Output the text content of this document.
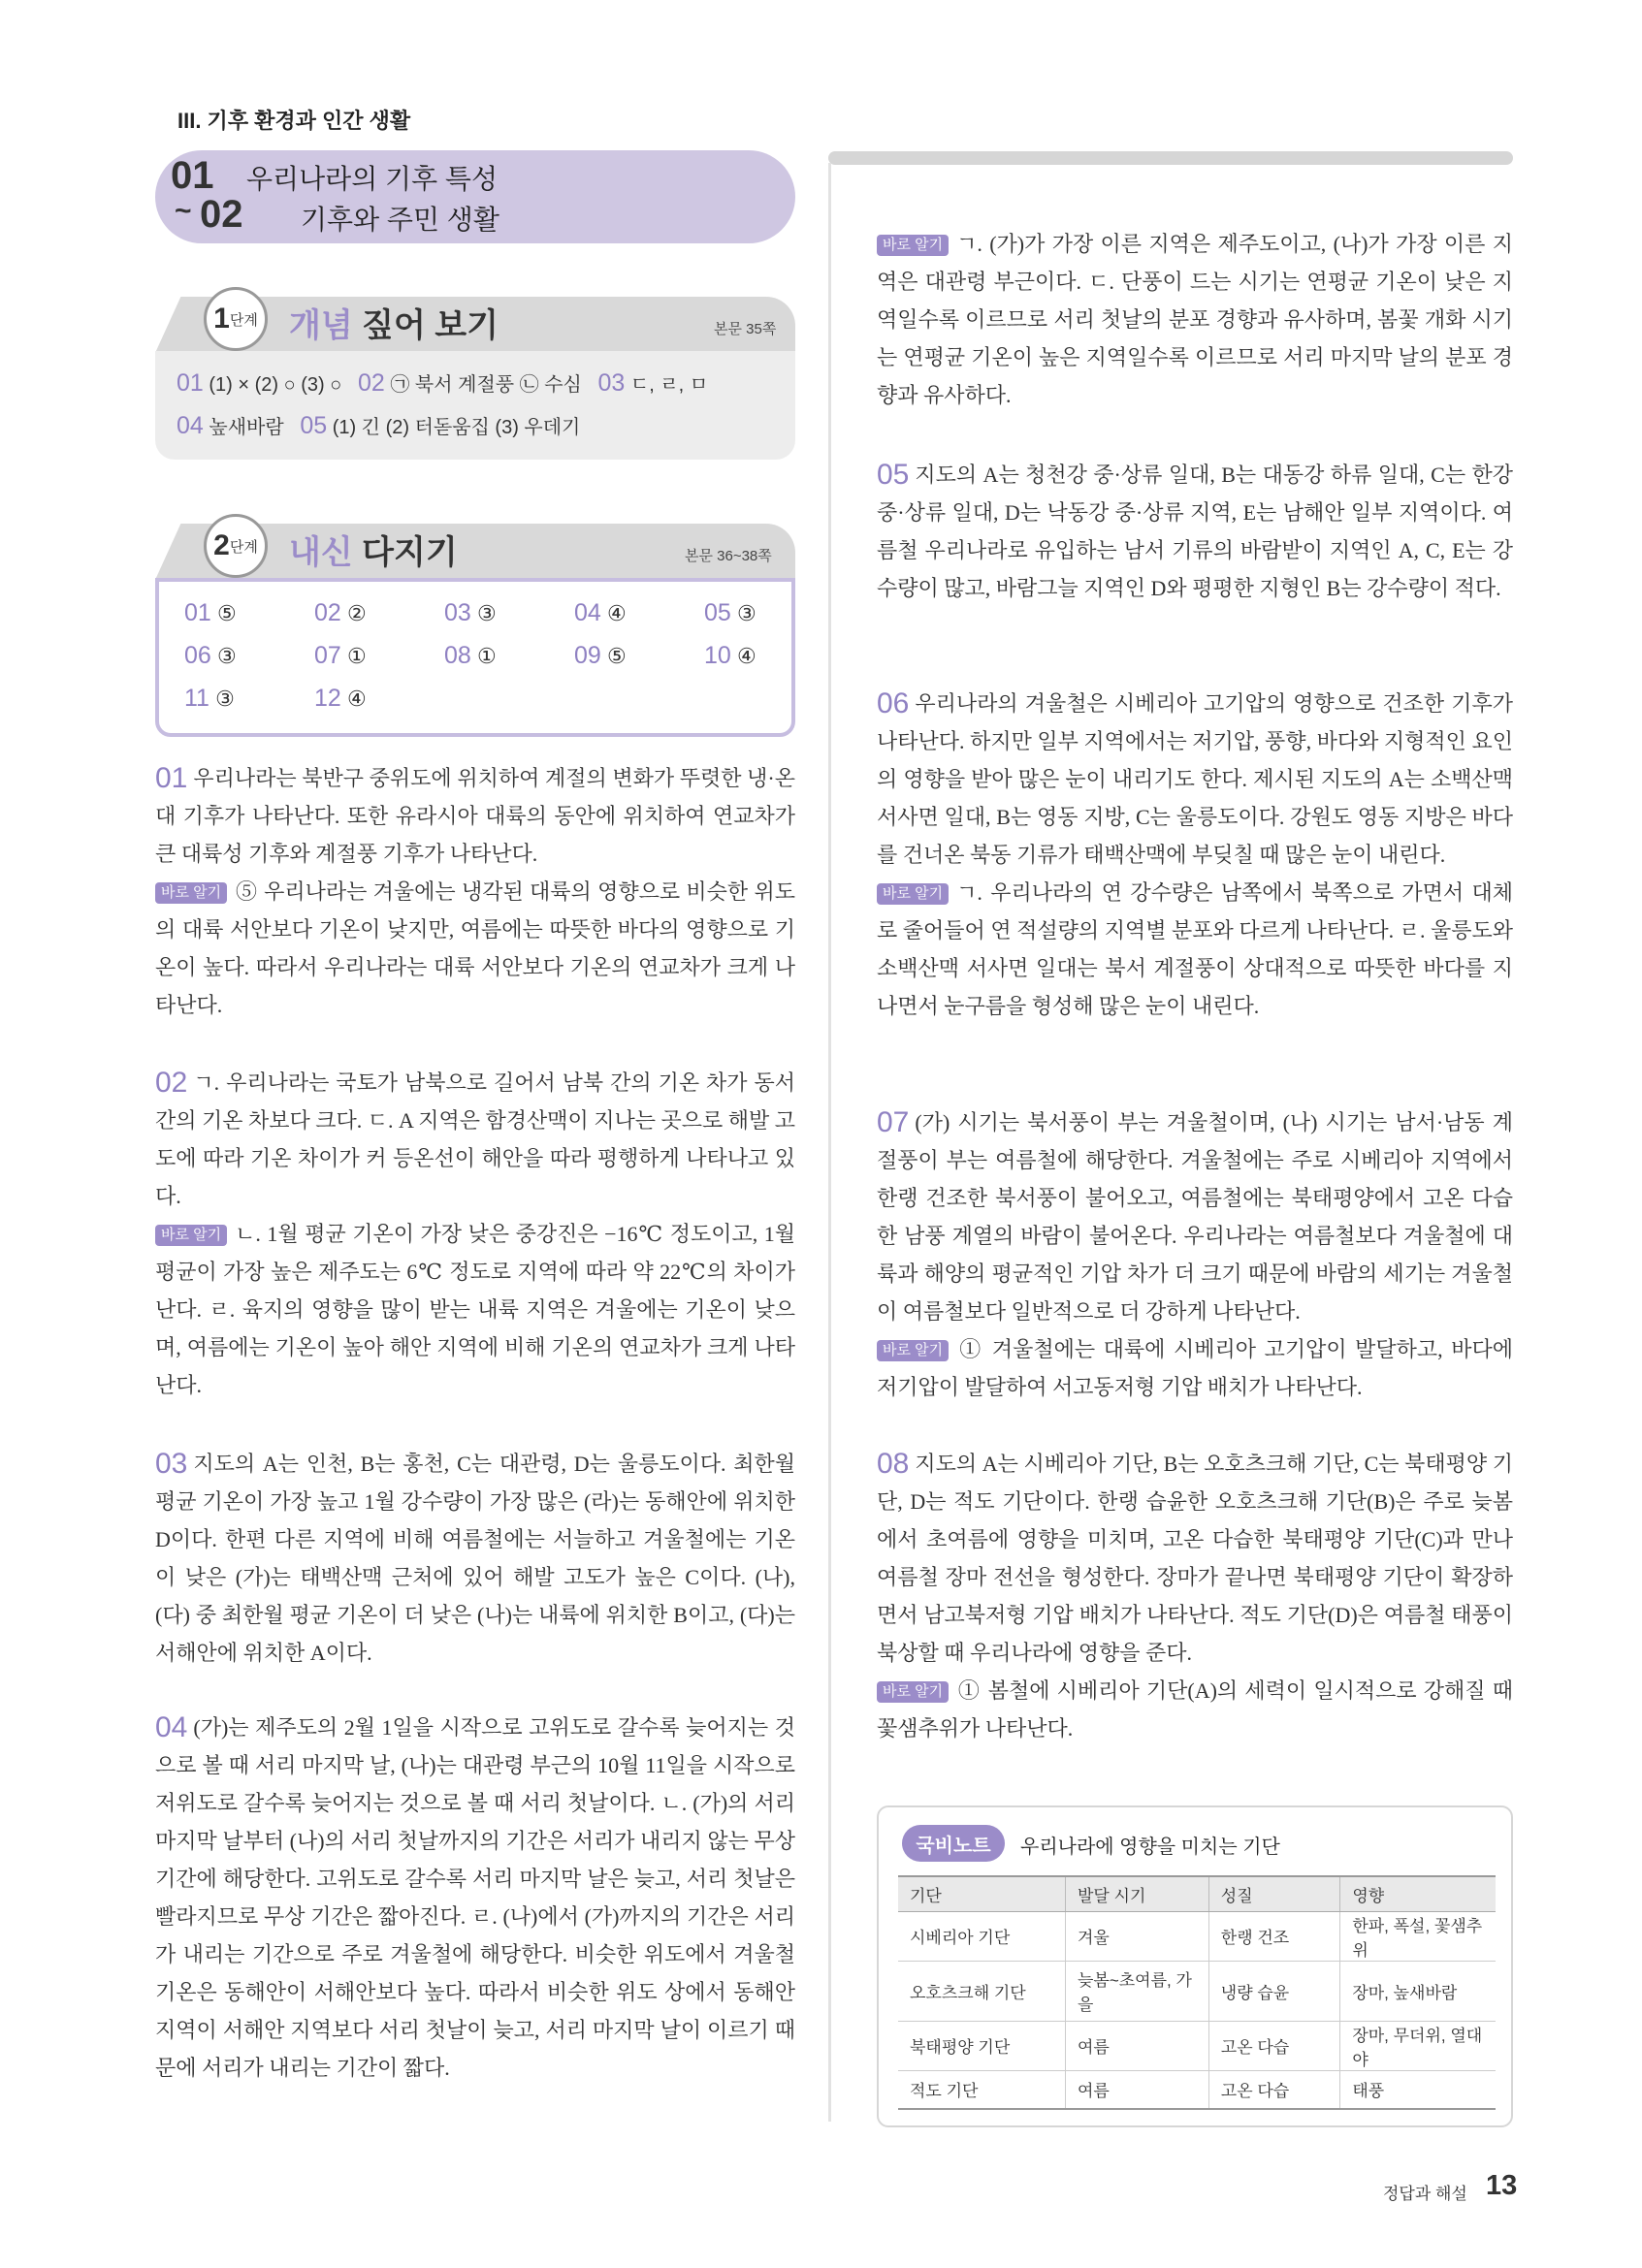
III. 기후 환경과 인간 생활
01 우리나라의 기후 특성
~ 02 기후와 주민 생활
1 단계 개념 짚어 보기	본문 35쪽
01 (1) × (2) ○ (3) ○ 02 ㉠ 북서 계절풍 ㉡ 수심 03 ㄷ, ㄹ, ㅁ
04 높새바람 05 (1) 긴 (2) 터돋움집 (3) 우데기
2 단계 내신 다지기	본문 36~38쪽
01 ⑤	02 ②	03 ③	04 ④	05 ③
06 ③	07 ①	08 ①	09 ⑤	10 ④
11 ③	12 ④
01 우리나라는 북반구 중위도에 위치하여 계절의 변화가 뚜렷한 냉·온대 기후가 나타난다. 또한 유라시아 대륙의 동안에 위치하여 연교차가 큰 대륙성 기후와 계절풍 기후가 나타난다.
바로 알기 ⑤ 우리나라는 겨울에는 냉각된 대륙의 영향으로 비슷한 위도의 대륙 서안보다 기온이 낮지만, 여름에는 따뜻한 바다의 영향으로 기온이 높다. 따라서 우리나라는 대륙 서안보다 기온의 연교차가 크게 나타난다.
02 ㄱ. 우리나라는 국토가 남북으로 길어서 남북 간의 기온 차가 동서 간의 기온 차보다 크다. ㄷ. A 지역은 함경산맥이 지나는 곳으로 해발 고도에 따라 기온 차이가 커 등온선이 해안을 따라 평행하게 나타나고 있다.
바로 알기 ㄴ. 1월 평균 기온이 가장 낮은 중강진은 −16℃ 정도이고, 1월 평균이 가장 높은 제주도는 6℃ 정도로 지역에 따라 약 22℃의 차이가 난다. ㄹ. 육지의 영향을 많이 받는 내륙 지역은 겨울에는 기온이 낮으며, 여름에는 기온이 높아 해안 지역에 비해 기온의 연교차가 크게 나타난다.
03 지도의 A는 인천, B는 홍천, C는 대관령, D는 울릉도이다. 최한월 평균 기온이 가장 높고 1월 강수량이 가장 많은 (라)는 동해안에 위치한 D이다. 한편 다른 지역에 비해 여름철에는 서늘하고 겨울철에는 기온이 낮은 (가)는 태백산맥 근처에 있어 해발 고도가 높은 C이다. (나), (다) 중 최한월 평균 기온이 더 낮은 (나)는 내륙에 위치한 B이고, (다)는 서해안에 위치한 A이다.
04 (가)는 제주도의 2월 1일을 시작으로 고위도로 갈수록 늦어지는 것으로 볼 때 서리 마지막 날, (나)는 대관령 부근의 10월 11일을 시작으로 저위도로 갈수록 늦어지는 것으로 볼 때 서리 첫날이다. ㄴ. (가)의 서리 마지막 날부터 (나)의 서리 첫날까지의 기간은 서리가 내리지 않는 무상 기간에 해당한다. 고위도로 갈수록 서리 마지막 날은 늦고, 서리 첫날은 빨라지므로 무상 기간은 짧아진다. ㄹ. (나)에서 (가)까지의 기간은 서리가 내리는 기간으로 주로 겨울철에 해당한다. 비슷한 위도에서 겨울철 기온은 동해안이 서해안보다 높다. 따라서 비슷한 위도 상에서 동해안 지역이 서해안 지역보다 서리 첫날이 늦고, 서리 마지막 날이 이르기 때문에 서리가 내리는 기간이 짧다.
바로 알기 ㄱ. (가)가 가장 이른 지역은 제주도이고, (나)가 가장 이른 지역은 대관령 부근이다. ㄷ. 단풍이 드는 시기는 연평균 기온이 낮은 지역일수록 이르므로 서리 첫날의 분포 경향과 유사하며, 봄꽃 개화 시기는 연평균 기온이 높은 지역일수록 이르므로 서리 마지막 날의 분포 경향과 유사하다.
05 지도의 A는 청천강 중·상류 일대, B는 대동강 하류 일대, C는 한강 중·상류 일대, D는 낙동강 중·상류 지역, E는 남해안 일부 지역이다. 여름철 우리나라로 유입하는 남서 기류의 바람받이 지역인 A, C, E는 강수량이 많고, 바람그늘 지역인 D와 평평한 지형인 B는 강수량이 적다.
06 우리나라의 겨울철은 시베리아 고기압의 영향으로 건조한 기후가 나타난다. 하지만 일부 지역에서는 저기압, 풍향, 바다와 지형적인 요인의 영향을 받아 많은 눈이 내리기도 한다. 제시된 지도의 A는 소백산맥 서사면 일대, B는 영동 지방, C는 울릉도이다. 강원도 영동 지방은 바다를 건너온 북동 기류가 태백산맥에 부딪칠 때 많은 눈이 내린다.
바로 알기 ㄱ. 우리나라의 연 강수량은 남쪽에서 북쪽으로 가면서 대체로 줄어들어 연 적설량의 지역별 분포와 다르게 나타난다. ㄹ. 울릉도와 소백산맥 서사면 일대는 북서 계절풍이 상대적으로 따뜻한 바다를 지나면서 눈구름을 형성해 많은 눈이 내린다.
07 (가) 시기는 북서풍이 부는 겨울철이며, (나) 시기는 남서·남동 계절풍이 부는 여름철에 해당한다. 겨울철에는 주로 시베리아 지역에서 한랭 건조한 북서풍이 불어오고, 여름철에는 북태평양에서 고온 다습한 남풍 계열의 바람이 불어온다. 우리나라는 여름철보다 겨울철에 대륙과 해양의 평균적인 기압 차가 더 크기 때문에 바람의 세기는 겨울철이 여름철보다 일반적으로 더 강하게 나타난다.
바로 알기 ① 겨울철에는 대륙에 시베리아 고기압이 발달하고, 바다에 저기압이 발달하여 서고동저형 기압 배치가 나타난다.
08 지도의 A는 시베리아 기단, B는 오호츠크해 기단, C는 북태평양 기단, D는 적도 기단이다. 한랭 습윤한 오호츠크해 기단(B)은 주로 늦봄에서 초여름에 영향을 미치며, 고온 다습한 북태평양 기단(C)과 만나 여름철 장마 전선을 형성한다. 장마가 끝나면 북태평양 기단이 확장하면서 남고북저형 기압 배치가 나타난다. 적도 기단(D)은 여름철 태풍이 북상할 때 우리나라에 영향을 준다.
바로 알기 ① 봄철에 시베리아 기단(A)의 세력이 일시적으로 강해질 때 꽃샘추위가 나타난다.
국비노트	우리나라에 영향을 미치는 기단
기단	발달 시기	성질	영향
시베리아 기단	겨울	한랭 건조	한파, 폭설, 꽃샘추위
오호츠크해 기단	늦봄~초여름, 가을	냉량 습윤	장마, 높새바람
북태평양 기단	여름	고온 다습	장마, 무더위, 열대야
적도 기단	여름	고온 다습	태풍
정답과 해설 13
